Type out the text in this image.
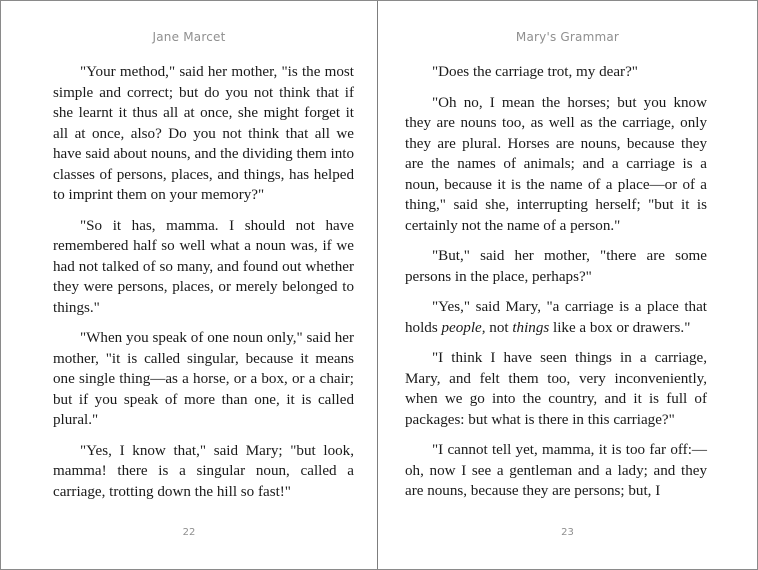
Jane Marcet

"Your method," said her mother, "is the most simple and correct; but do you not think that if she learnt it thus all at once, she might forget it all at once, also? Do you not think that all we have said about nouns, and the dividing them into classes of persons, places, and things, has helped to imprint them on your memory?"

"So it has, mamma. I should not have remembered half so well what a noun was, if we had not talked of so many, and found out whether they were persons, places, or merely belonged to things."

"When you speak of one noun only," said her mother, "it is called singular, because it means one single thing—as a horse, or a box, or a chair; but if you speak of more than one, it is called plural."

"Yes, I know that," said Mary; "but look, mamma! there is a singular noun, called a carriage, trotting down the hill so fast!"

22
Mary's Grammar

"Does the carriage trot, my dear?"

"Oh no, I mean the horses; but you know they are nouns too, as well as the carriage, only they are plural. Horses are nouns, because they are the names of animals; and a carriage is a noun, because it is the name of a place—or of a thing," said she, interrupting herself; "but it is certainly not the name of a person."

"But," said her mother, "there are some persons in the place, perhaps?"

"Yes," said Mary, "a carriage is a place that holds people, not things like a box or drawers."

"I think I have seen things in a carriage, Mary, and felt them too, very inconveniently, when we go into the country, and it is full of packages: but what is there in this carriage?"

"I cannot tell yet, mamma, it is too far off:—oh, now I see a gentleman and a lady; and they are nouns, because they are persons; but, I

23
